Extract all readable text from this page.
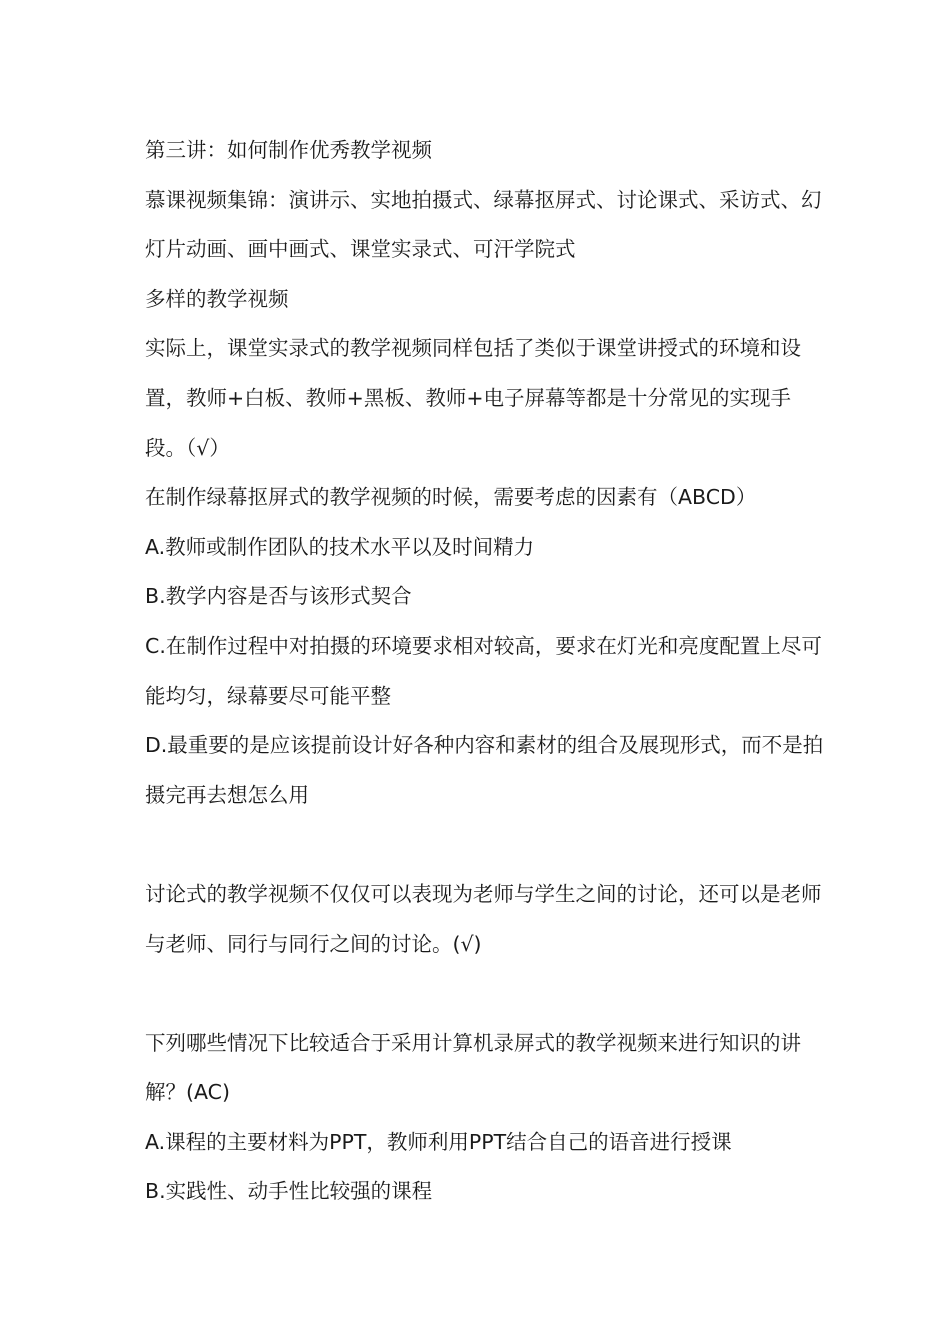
第三讲：如何制作优秀教学视频

慕课视频集锦：演讲示、实地拍摄式、绿幕抠屏式、讨论课式、采访式、幻灯片动画、画中画式、课堂实录式、可汗学院式

多样的教学视频

实际上，课堂实录式的教学视频同样包括了类似于课堂讲授式的环境和设置，教师+白板、教师+黑板、教师+电子屏幕等都是十分常见的实现手段。（√）

在制作绿幕抠屏式的教学视频的时候，需要考虑的因素有（ABCD）

A.教师或制作团队的技术水平以及时间精力

B.教学内容是否与该形式契合

C.在制作过程中对拍摄的环境要求相对较高，要求在灯光和亮度配置上尽可能均匀，绿幕要尽可能平整

D.最重要的是应该提前设计好各种内容和素材的组合及展现形式，而不是拍摄完再去想怎么用

讨论式的教学视频不仅仅可以表现为老师与学生之间的讨论，还可以是老师与老师、同行与同行之间的讨论。(√)

下列哪些情况下比较适合于采用计算机录屏式的教学视频来进行知识的讲解？(AC)

A.课程的主要材料为PPT，教师利用PPT结合自己的语音进行授课

B.实践性、动手性比较强的课程
